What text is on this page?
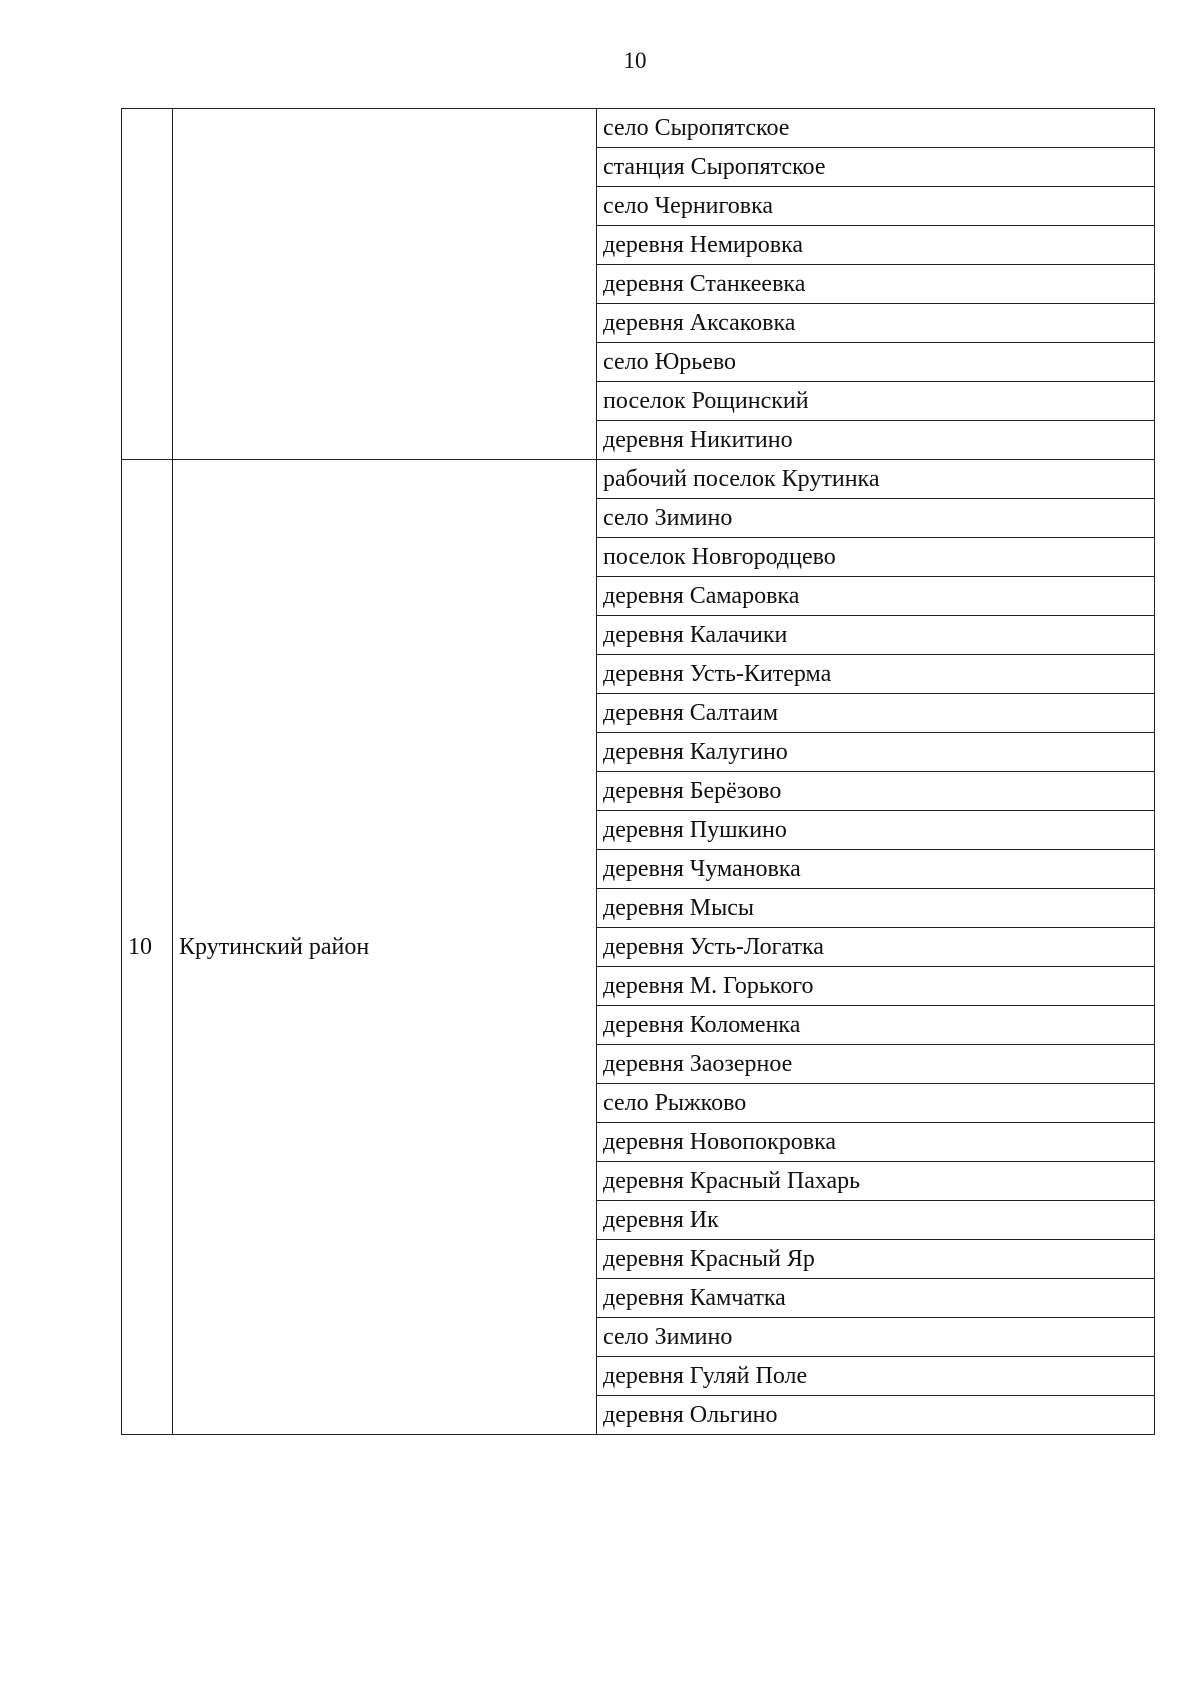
10
		село Сыропятское
		станция Сыропятское
		село Черниговка
		деревня Немировка
		деревня Станкеевка
		деревня Аксаковка
		село Юрьево
		поселок Рощинский
		деревня Никитино
10	Крутинский район	рабочий поселок Крутинка
		село Зимино
		поселок Новгородцево
		деревня Самаровка
		деревня Калачики
		деревня Усть-Китерма
		деревня Салтаим
		деревня Калугино
		деревня Берёзово
		деревня Пушкино
		деревня Чумановка
		деревня Мысы
		деревня Усть-Логатка
		деревня М. Горького
		деревня Коломенка
		деревня Заозерное
		село Рыжково
		деревня Новопокровка
		деревня Красный Пахарь
		деревня Ик
		деревня Красный Яр
		деревня Камчатка
		село Зимино
		деревня Гуляй Поле
		деревня Ольгино
